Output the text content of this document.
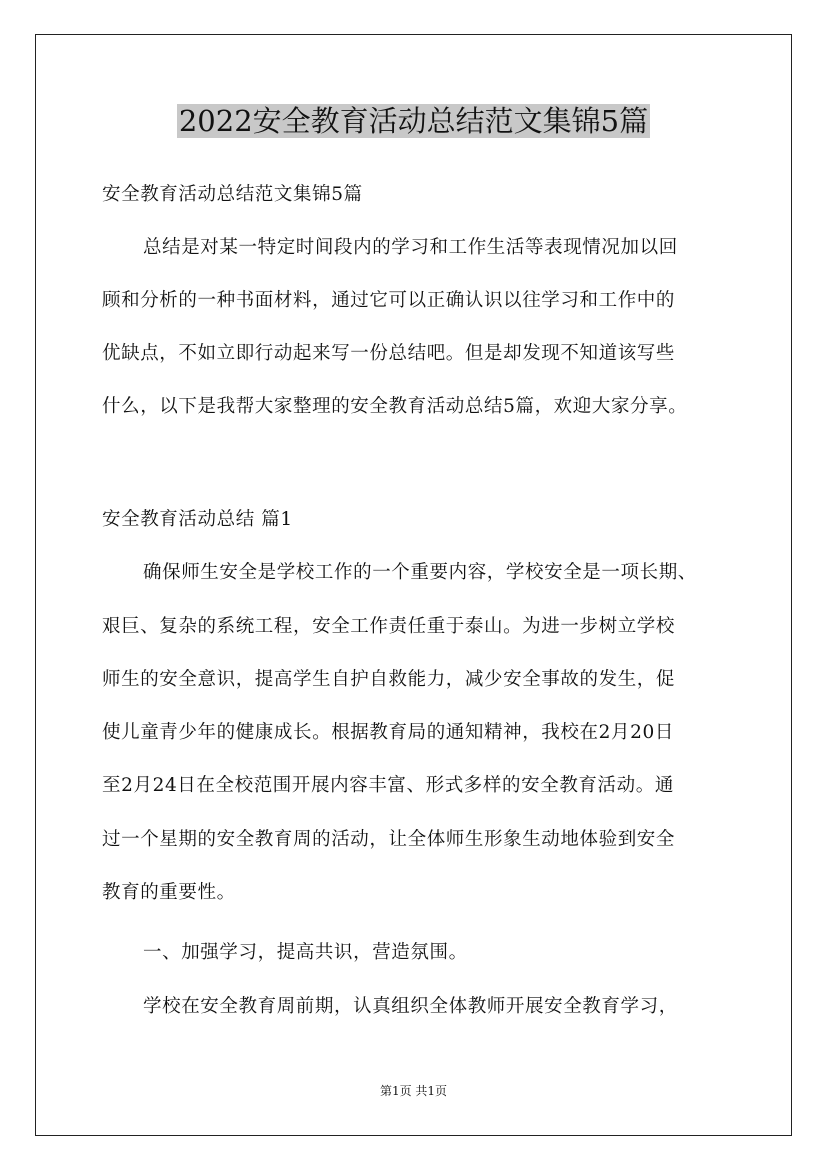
2022安全教育活动总结范文集锦5篇
安全教育活动总结范文集锦5篇
总结是对某一特定时间段内的学习和工作生活等表现情况加以回
顾和分析的一种书面材料，通过它可以正确认识以往学习和工作中的
优缺点，不如立即行动起来写一份总结吧。但是却发现不知道该写些
什么，以下是我帮大家整理的安全教育活动总结5篇，欢迎大家分享。
安全教育活动总结 篇1
确保师生安全是学校工作的一个重要内容，学校安全是一项长期、
艰巨、复杂的系统工程，安全工作责任重于泰山。为进一步树立学校
师生的安全意识，提高学生自护自救能力，减少安全事故的发生，促
使儿童青少年的健康成长。根据教育局的通知精神，我校在2月20日
至2月24日在全校范围开展内容丰富、形式多样的安全教育活动。通
过一个星期的安全教育周的活动，让全体师生形象生动地体验到安全
教育的重要性。
一、加强学习，提高共识，营造氛围。
学校在安全教育周前期，认真组织全体教师开展安全教育学习，
第1页 共1页
